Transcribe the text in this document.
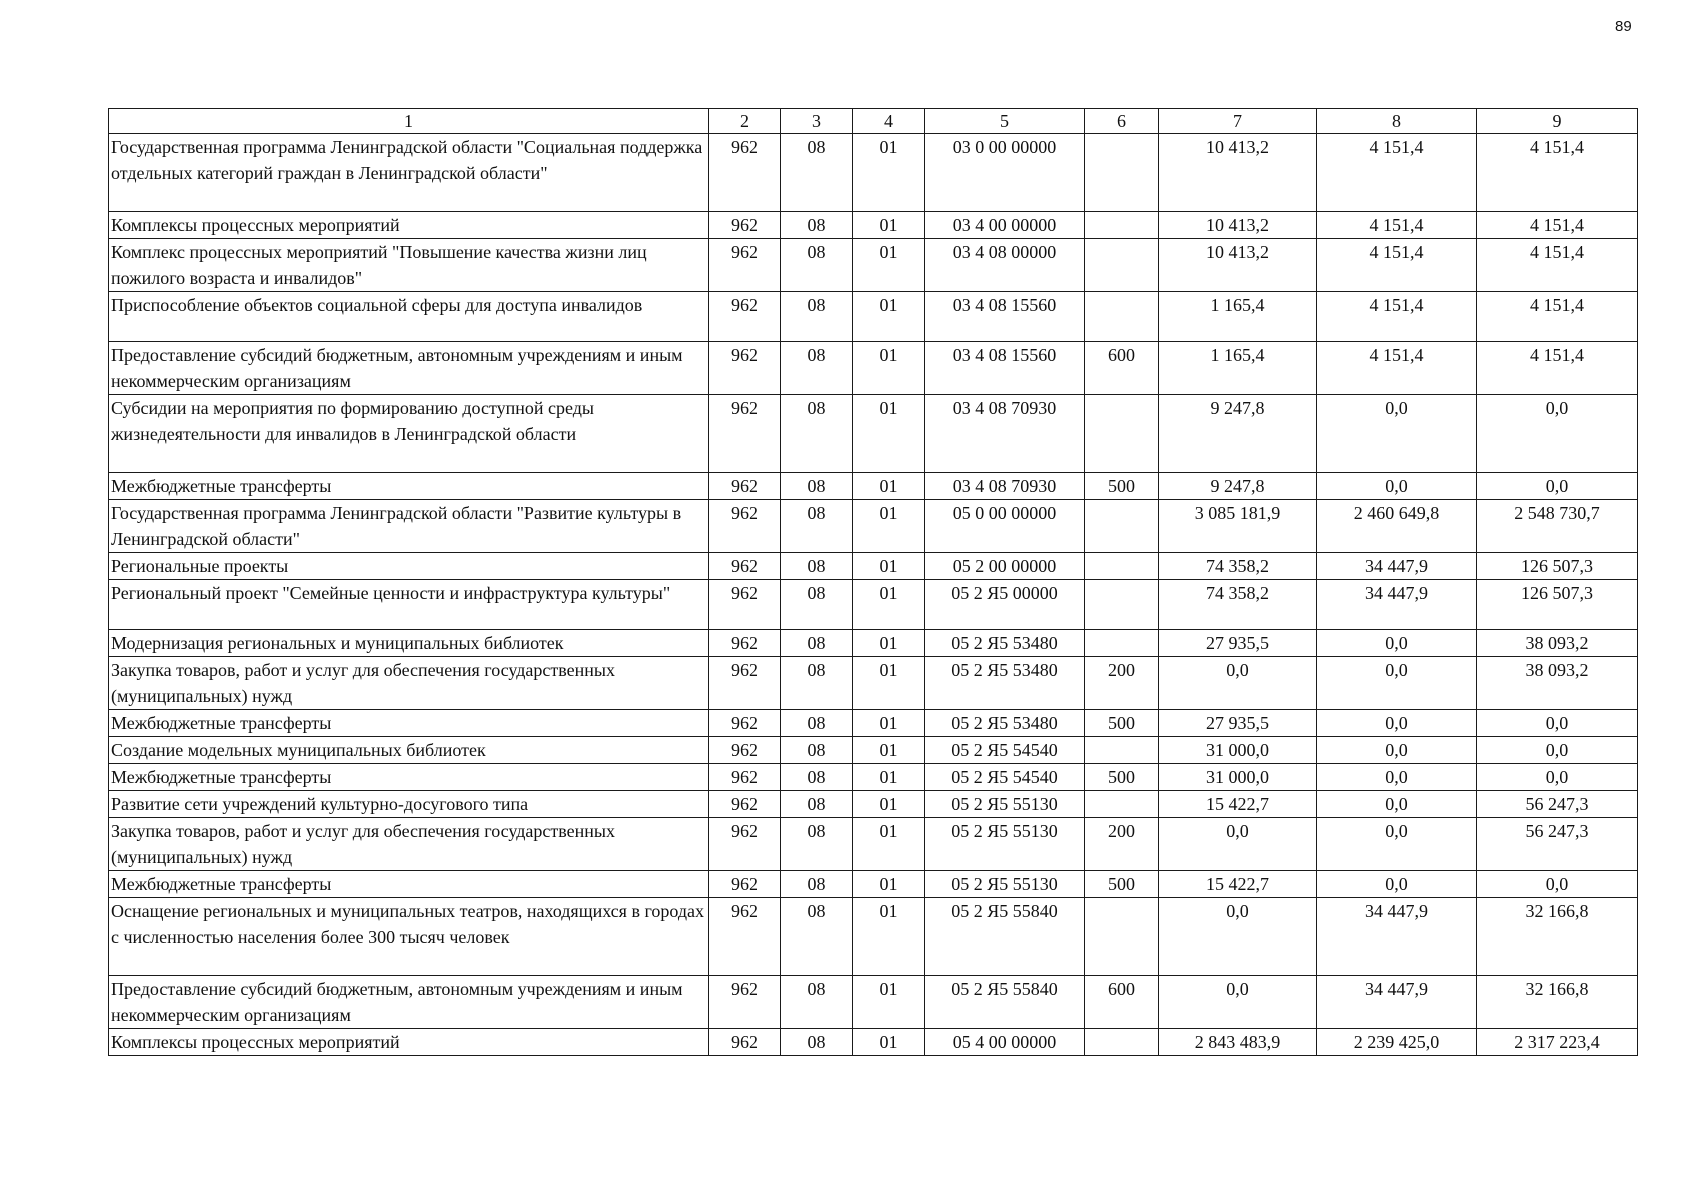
89
1	2	3	4	5	6	7	8	9
Государственная программа Ленинградской области "Социальная поддержка отдельных категорий граждан в Ленинградской области"	962	08	01	03 0 00 00000		10 413,2	4 151,4	4 151,4
Комплексы процессных мероприятий	962	08	01	03 4 00 00000		10 413,2	4 151,4	4 151,4
Комплекс процессных мероприятий "Повышение качества жизни лиц пожилого возраста и инвалидов"	962	08	01	03 4 08 00000		10 413,2	4 151,4	4 151,4
Приспособление объектов социальной сферы для доступа инвалидов	962	08	01	03 4 08 15560		1 165,4	4 151,4	4 151,4
Предоставление субсидий бюджетным, автономным учреждениям и иным некоммерческим организациям	962	08	01	03 4 08 15560	600	1 165,4	4 151,4	4 151,4
Субсидии на мероприятия по формированию доступной среды жизнедеятельности для инвалидов в Ленинградской области	962	08	01	03 4 08 70930		9 247,8	0,0	0,0
Межбюджетные трансферты	962	08	01	03 4 08 70930	500	9 247,8	0,0	0,0
Государственная программа Ленинградской области "Развитие культуры в Ленинградской области"	962	08	01	05 0 00 00000		3 085 181,9	2 460 649,8	2 548 730,7
Региональные проекты	962	08	01	05 2 00 00000		74 358,2	34 447,9	126 507,3
Региональный проект "Семейные ценности и инфраструктура культуры"	962	08	01	05 2 Я5 00000		74 358,2	34 447,9	126 507,3
Модернизация региональных и муниципальных библиотек	962	08	01	05 2 Я5 53480		27 935,5	0,0	38 093,2
Закупка товаров, работ и услуг для обеспечения государственных (муниципальных) нужд	962	08	01	05 2 Я5 53480	200	0,0	0,0	38 093,2
Межбюджетные трансферты	962	08	01	05 2 Я5 53480	500	27 935,5	0,0	0,0
Создание модельных муниципальных библиотек	962	08	01	05 2 Я5 54540		31 000,0	0,0	0,0
Межбюджетные трансферты	962	08	01	05 2 Я5 54540	500	31 000,0	0,0	0,0
Развитие сети учреждений культурно-досугового типа	962	08	01	05 2 Я5 55130		15 422,7	0,0	56 247,3
Закупка товаров, работ и услуг для обеспечения государственных (муниципальных) нужд	962	08	01	05 2 Я5 55130	200	0,0	0,0	56 247,3
Межбюджетные трансферты	962	08	01	05 2 Я5 55130	500	15 422,7	0,0	0,0
Оснащение региональных и муниципальных театров, находящихся в городах с численностью населения более 300 тысяч человек	962	08	01	05 2 Я5 55840		0,0	34 447,9	32 166,8
Предоставление субсидий бюджетным, автономным учреждениям и иным некоммерческим организациям	962	08	01	05 2 Я5 55840	600	0,0	34 447,9	32 166,8
Комплексы процессных мероприятий	962	08	01	05 4 00 00000		2 843 483,9	2 239 425,0	2 317 223,4
